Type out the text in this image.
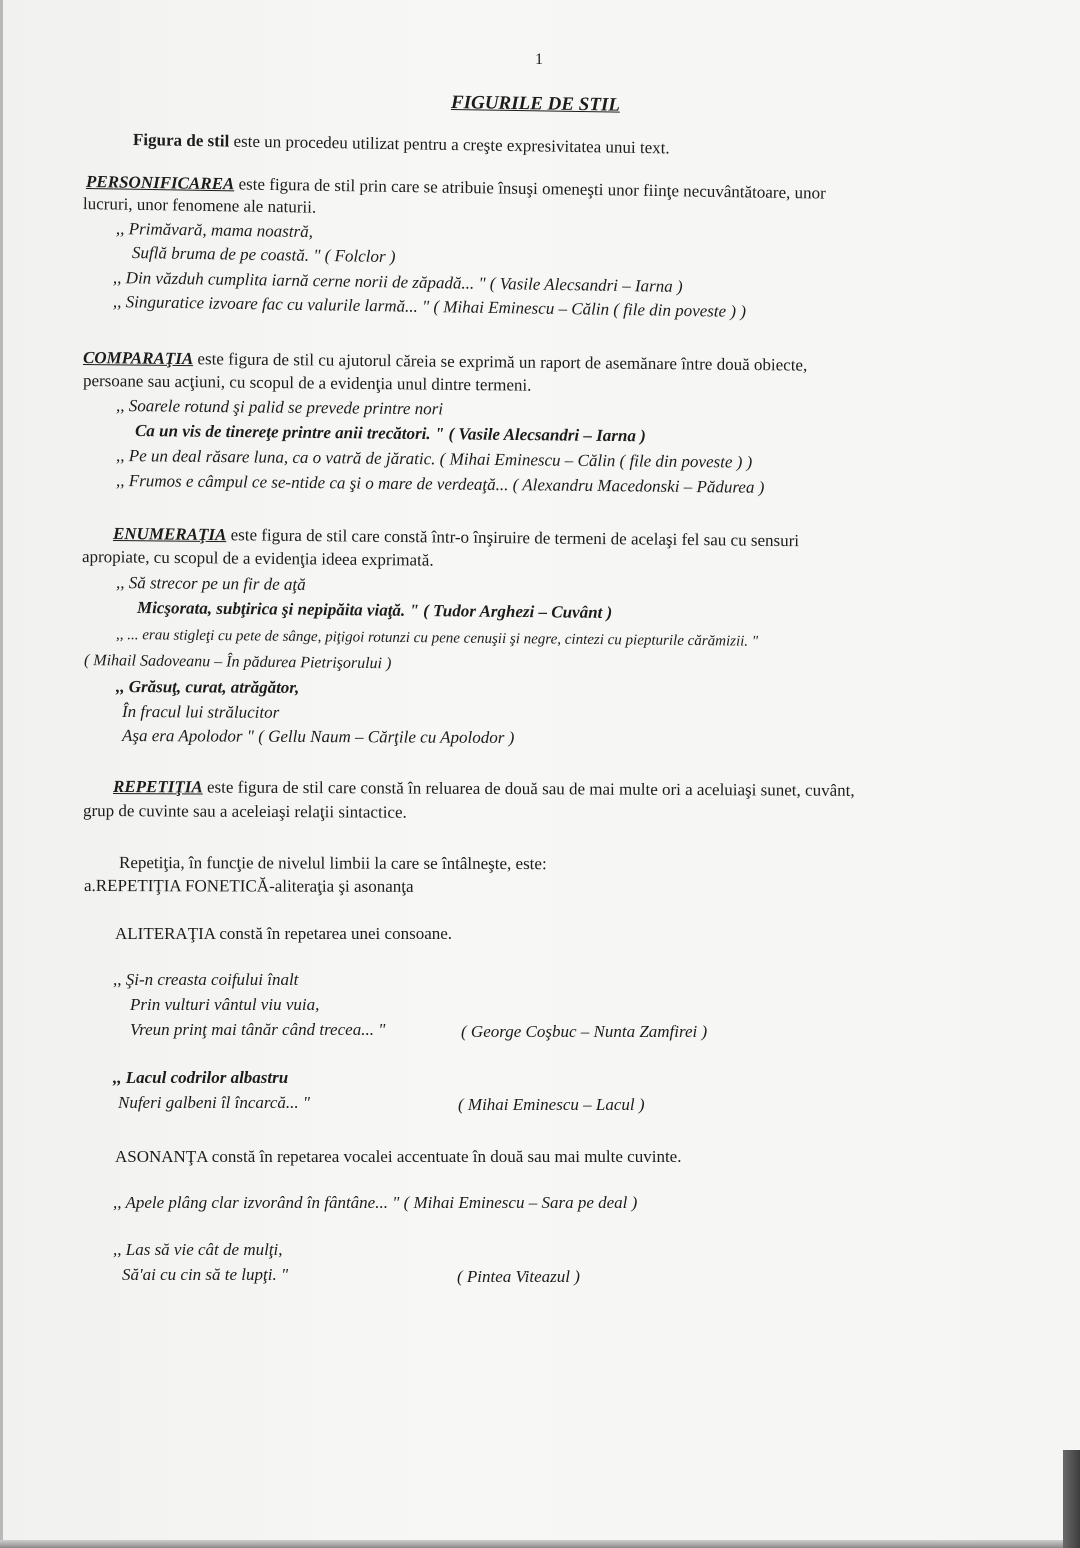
1
FIGURILE DE STIL
Figura de stil este un procedeu utilizat pentru a creşte expresivitatea unui text.
PERSONIFICAREA este figura de stil prin care se atribuie însuşi omeneşti unor fiinţe necuvântătoare, unor
lucruri, unor fenomene ale naturii.
,, Primăvară, mama noastră,
Suflă bruma de pe coastă. " ( Folclor )
,, Din văzduh cumplita iarnă cerne norii de zăpadă... " ( Vasile Alecsandri – Iarna )
,, Singuratice izvoare fac cu valurile larmă... " ( Mihai Eminescu – Călin ( file din poveste ) )
COMPARAŢIA este figura de stil cu ajutorul căreia se exprimă un raport de asemănare între două obiecte,
persoane sau acţiuni, cu scopul de a evidenţia unul dintre termeni.
,, Soarele rotund şi palid se prevede printre nori
Ca un vis de tinereţe printre anii trecători. " ( Vasile Alecsandri – Iarna )
,, Pe un deal răsare luna, ca o vatră de jăratic. ( Mihai Eminescu – Călin ( file din poveste ) )
,, Frumos e câmpul ce se-ntide ca şi o mare de verdeaţă... ( Alexandru Macedonski – Pădurea )
ENUMERAŢIA este figura de stil care constă într-o înşiruire de termeni de acelaşi fel sau cu sensuri
apropiate, cu scopul de a evidenţia ideea exprimată.
,, Să strecor pe un fir de aţă
Micşorata, subţirica şi nepipăita viaţă. " ( Tudor Arghezi – Cuvânt )
,, ... erau stigleţi cu pete de sânge, piţigoi rotunzi cu pene cenuşii şi negre, cintezi cu piepturile cărămizii. "
( Mihail Sadoveanu – În pădurea Pietrişorului )
,, Grăsuţ, curat, atrăgător,
În fracul lui strălucitor
Aşa era Apolodor " ( Gellu Naum – Cărţile cu Apolodor )
REPETIŢIA este figura de stil care constă în reluarea de două sau de mai multe ori a aceluiaşi sunet, cuvânt,
grup de cuvinte sau a aceleiaşi relaţii sintactice.
Repetiţia, în funcţie de nivelul limbii la care se întâlneşte, este:
a.REPETIŢIA FONETICĂ-aliteraţia şi asonanţa
ALITERAŢIA constă în repetarea unei consoane.
,, Şi-n creasta coifului înalt
Prin vulturi vântul viu vuia,
Vreun prinţ mai tânăr când trecea... "	( George Coşbuc – Nunta Zamfirei )
,, Lacul codrilor albastru
Nuferi galbeni îl încarcă... "	( Mihai Eminescu – Lacul )
ASONANŢA constă în repetarea vocalei accentuate în două sau mai multe cuvinte.
,, Apele plâng clar izvorând în fântâne... " ( Mihai Eminescu – Sara pe deal )
,, Las să vie cât de mulţi,
Să'ai cu cin să te lupţi. "	( Pintea Viteazul )
